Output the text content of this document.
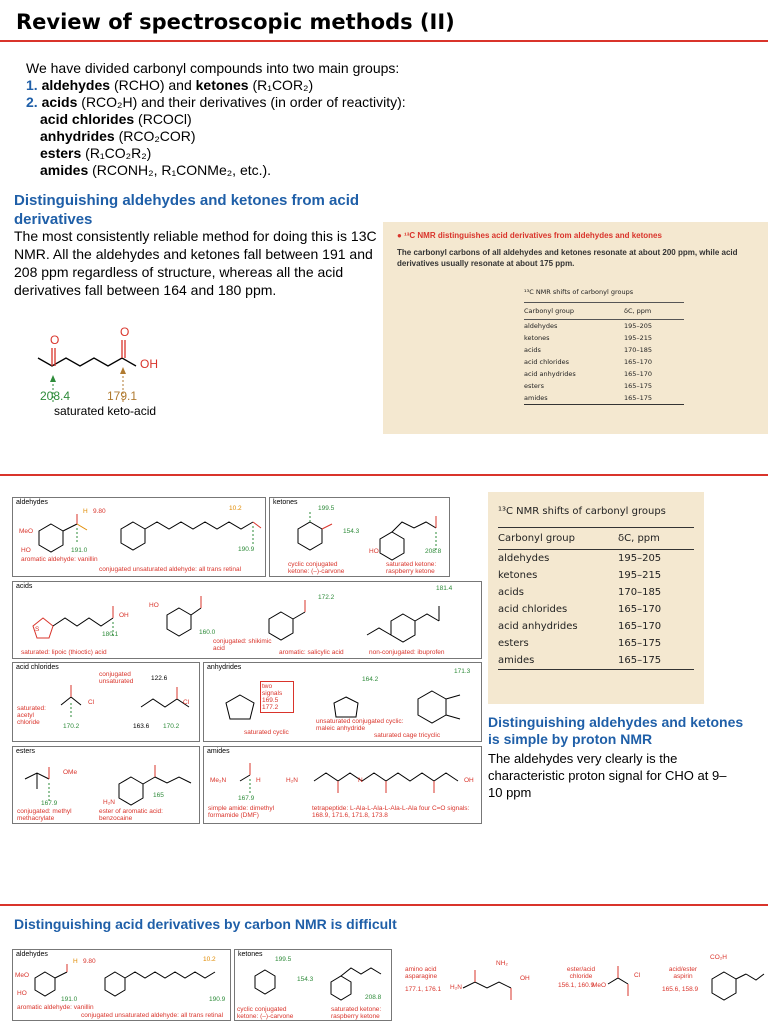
Review of spectroscopic methods (II)
We have divided carbonyl compounds into two main groups:
1. aldehydes (RCHO) and ketones (R₁COR₂)
2. acids (RCO₂H) and their derivatives (in order of reactivity):
acid chlorides (RCOCl)
anhydrides (RCO₂COR)
esters (R₁CO₂R₂)
amides (RCONH₂, R₁CONMe₂, etc.).
Distinguishing aldehydes and ketones from acid derivatives
The most consistently reliable method for doing this is 13C NMR. All the aldehydes and ketones fall between 191 and 208 ppm regardless of structure, whereas all the acid derivatives fall between 164 and 180 ppm.
O
O
OH
208.4	179.1
saturated keto-acid
● ¹³C NMR distinguishes acid derivatives from aldehydes and ketones
The carbonyl carbons of all aldehydes and ketones resonate at about 200 ppm, while acid derivatives usually resonate at about 175 ppm.
¹³C NMR shifts of carbonyl groups
Carbonyl group	δC, ppm
aldehydes	195–205
ketones	195–215
acids	170–185
acid chlorides	165–170
acid anhydrides	165–170
esters	165–175
amides	165–175
aldehydes
H 9.80
MeO
HO	191.0
aromatic aldehyde: vanillin
10.2
190.9
conjugated unsaturated aldehyde: all trans retinal
ketones
199.5
154.3
HO	208.8
cyclic conjugated ketone: (–)-carvone
saturated ketone: raspberry ketone
acids
S
OH
180.1
saturated: lipoic (thioctic) acid
HO
160.0
conjugated: shikimic acid
172.2
aromatic: salicylic acid
181.4
non-conjugated: ibuprofen
acid chlorides
Cl
saturated: acetyl chloride
170.2
conjugated unsaturated	122.6
163.6 170.2
Cl
anhydrides
two signals 169.5 177.2
saturated cyclic
164.2
unsaturated conjugated cyclic: maleic anhydride
171.3
saturated cage tricyclic
esters
OMe
167.9
conjugated: methyl methacrylate
H₂N
165
ester of aromatic acid: benzocaine
amides
Me₂N	H
167.9
simple amide: dimethyl formamide (DMF)
H₂N	OH
N
tetrapeptide: L-Ala-L-Ala-L-Ala-L-Ala four C=O signals: 168.9, 171.6, 171.8, 173.8
¹³C NMR shifts of carbonyl groups
Carbonyl group	δC, ppm
aldehydes	195–205
ketones	195–215
acids	170–185
acid chlorides	165–170
acid anhydrides	165–170
esters	165–175
amides	165–175
Distinguishing aldehydes and ketones is simple by proton NMR
The aldehydes very clearly is the characteristic proton signal for CHO at 9–10 ppm
Distinguishing acid derivatives by carbon NMR is difficult
aldehydes
H 9.80
MeO
HO
191.0
aromatic aldehyde: vanillin
10.2
190.9
conjugated unsaturated aldehyde: all trans retinal
ketones
199.5
154.3
208.8
cyclic conjugated ketone: (–)-carvone
saturated ketone: raspberry ketone
amino acid asparagine
177.1, 176.1 H₂N
NH₂
OH
ester/acid chloride
156.1, 160.9
MeO
Cl
acid/ester aspirin
165.6, 158.9
CO₂H
